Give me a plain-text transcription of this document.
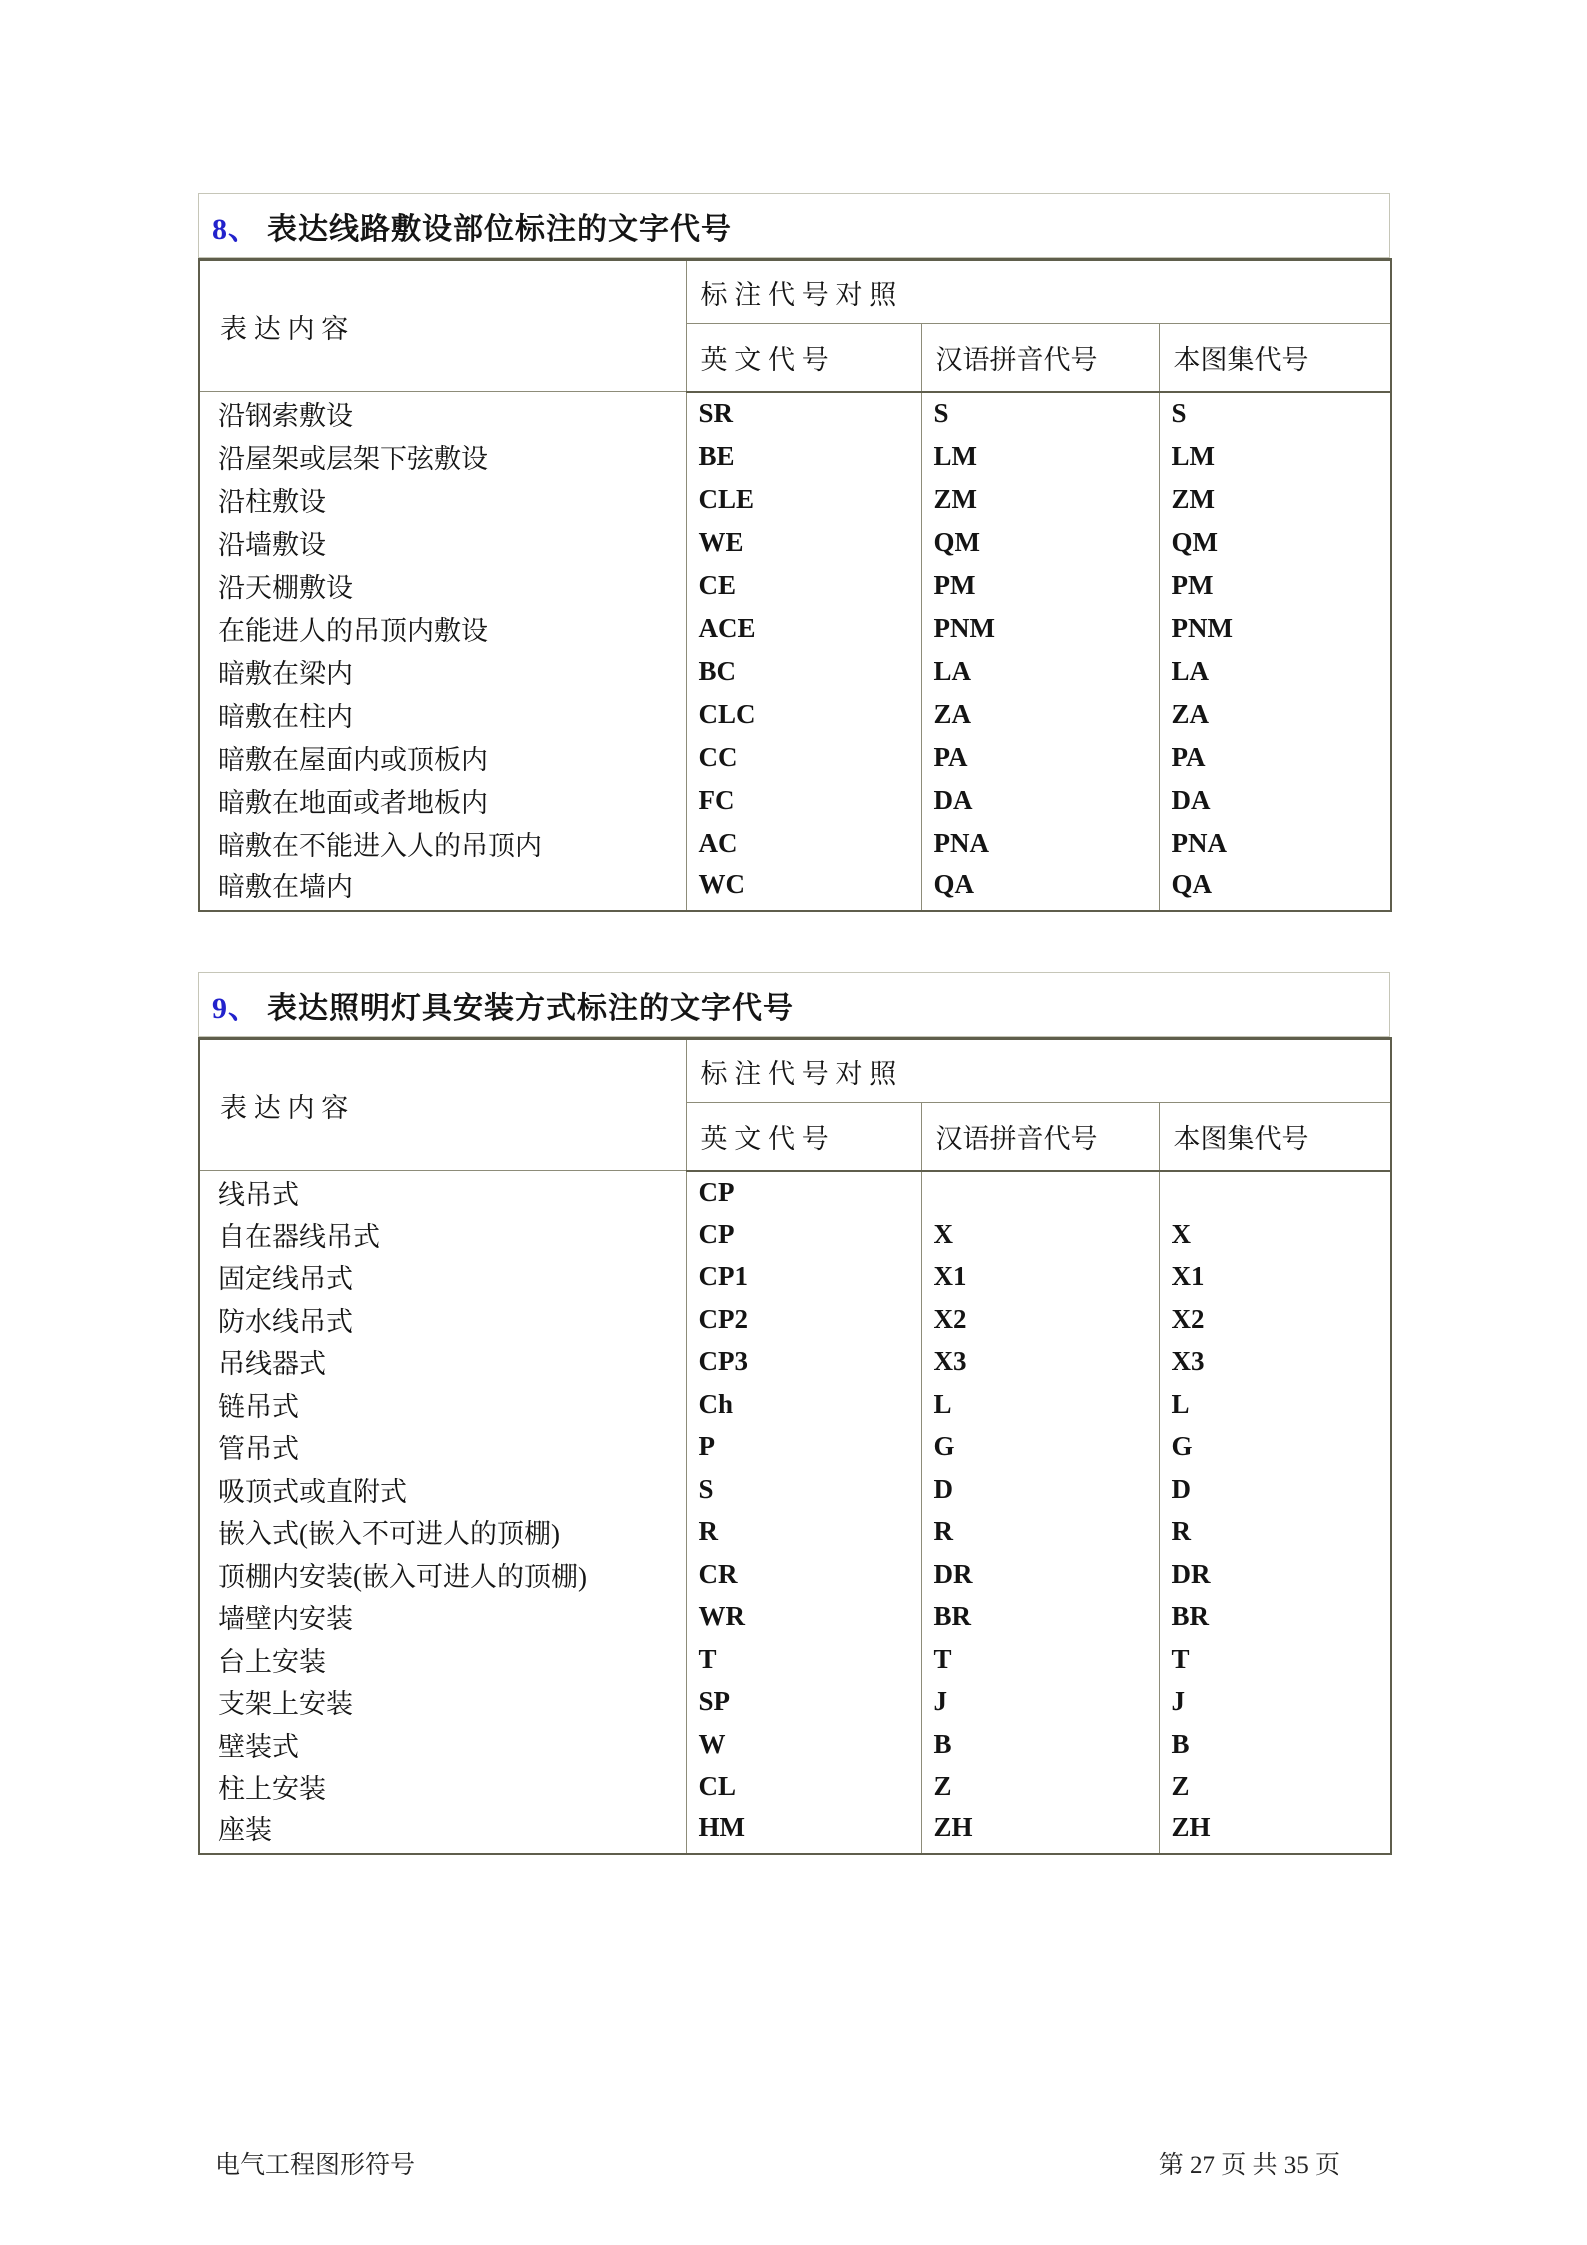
8、 表达线路敷设部位标注的文字代号
表 达 内 容	标 注 代 号 对 照		
	英 文 代 号	汉语拼音代号	本图集代号
沿钢索敷设	SR	S	S
沿屋架或层架下弦敷设	BE	LM	LM
沿柱敷设	CLE	ZM	ZM
沿墙敷设	WE	QM	QM
沿天棚敷设	CE	PM	PM
在能进人的吊顶内敷设	ACE	PNM	PNM
暗敷在梁内	BC	LA	LA
暗敷在柱内	CLC	ZA	ZA
暗敷在屋面内或顶板内	CC	PA	PA
暗敷在地面或者地板内	FC	DA	DA
暗敷在不能进入人的吊顶内	AC	PNA	PNA
暗敷在墙内	WC	QA	QA
9、 表达照明灯具安装方式标注的文字代号
表 达 内 容	标 注 代 号 对 照		
	英 文 代 号	汉语拼音代号	本图集代号
线吊式	CP		
自在器线吊式	CP	X	X
固定线吊式	CP1	X1	X1
防水线吊式	CP2	X2	X2
吊线器式	CP3	X3	X3
链吊式	Ch	L	L
管吊式	P	G	G
吸顶式或直附式	S	D	D
嵌入式(嵌入不可进人的顶棚)	R	R	R
顶棚内安装(嵌入可进人的顶棚)	CR	DR	DR
墙壁内安装	WR	BR	BR
台上安装	T	T	T
支架上安装	SP	J	J
壁装式	W	B	B
柱上安装	CL	Z	Z
座装	HM	ZH	ZH
电气工程图形符号	第 27 页 共 35 页
